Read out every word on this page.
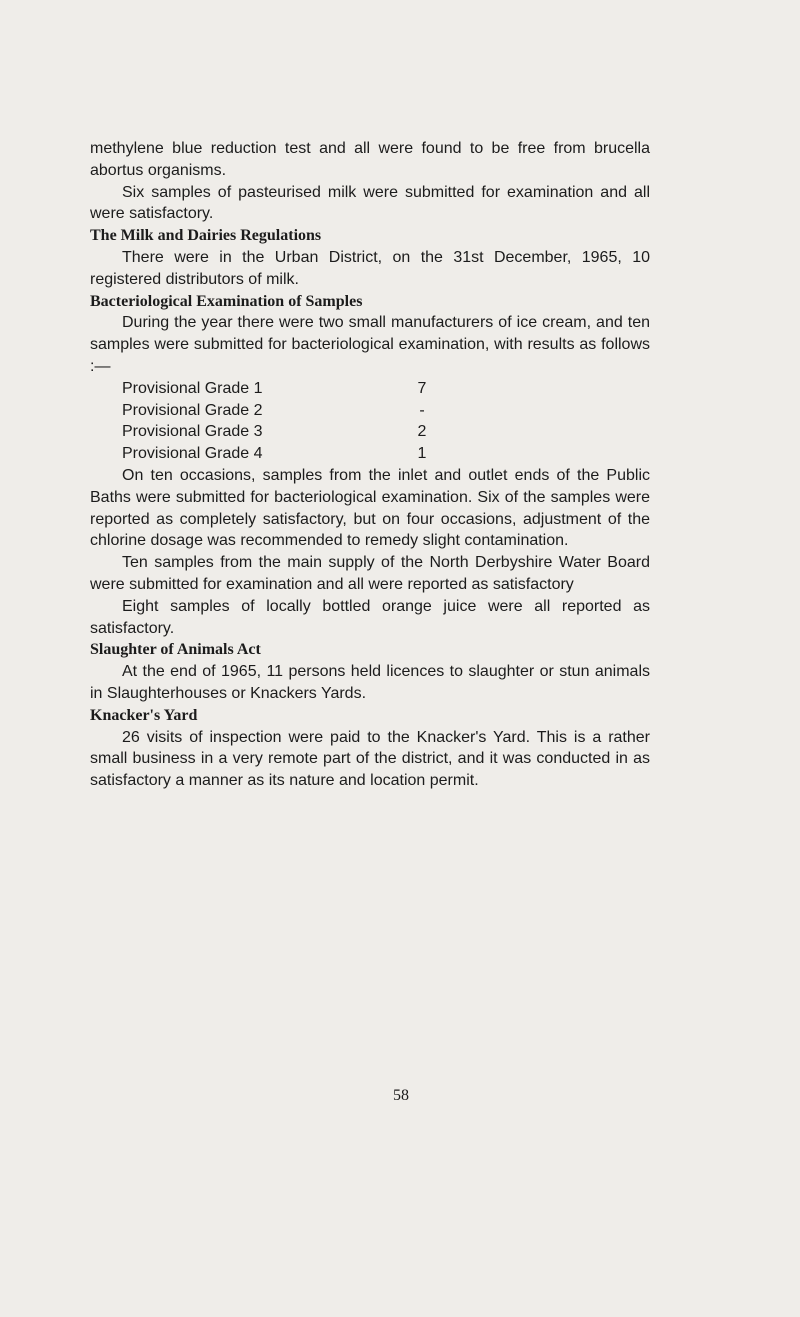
methylene blue reduction test and all were found to be free from brucella abortus organisms.

Six samples of pasteurised milk were submitted for examination and all were satisfactory.

The Milk and Dairies Regulations

There were in the Urban District, on the 31st December, 1965, 10 registered distributors of milk.

Bacteriological Examination of Samples

During the year there were two small manufacturers of ice cream, and ten samples were submitted for bacteriological examination, with results as follows :—

Provisional Grade 1	7
Provisional Grade 2	-
Provisional Grade 3	2
Provisional Grade 4	1

On ten occasions, samples from the inlet and outlet ends of the Public Baths were submitted for bacteriological examination. Six of the samples were reported as completely satisfactory, but on four occasions, adjustment of the chlorine dosage was recommended to remedy slight contamination.

Ten samples from the main supply of the North Derbyshire Water Board were submitted for examination and all were reported as satisfactory

Eight samples of locally bottled orange juice were all reported as satisfactory.

Slaughter of Animals Act

At the end of 1965, 11 persons held licences to slaughter or stun animals in Slaughterhouses or Knackers Yards.

Knacker's Yard

26 visits of inspection were paid to the Knacker's Yard. This is a rather small business in a very remote part of the district, and it was conducted in as satisfactory a manner as its nature and location permit.

58
